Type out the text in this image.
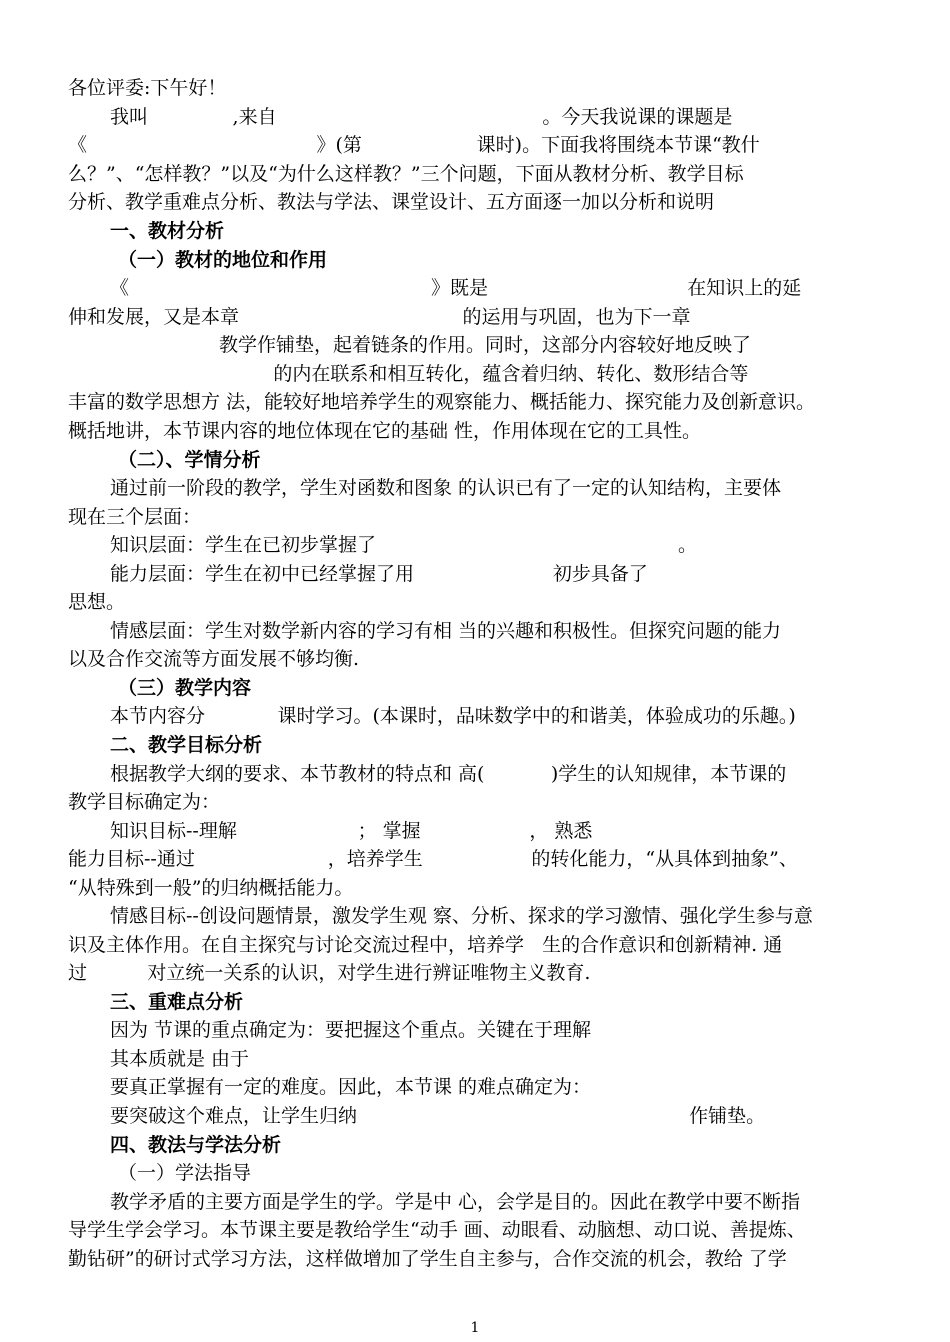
各位评委:下午好！
我叫              ,来自                                            。今天我说课的课题是
《                                      》(第                   课时)。下面我将围绕本节课“教什
么？”、“怎样教？”以及“为什么这样教？”三个问题，下面从教材分析、教学目标
分析、教学重难点分析、教法与学法、课堂设计、五方面逐一加以分析和说明
一、教材分析
（一）教材的地位和作用
《                                                  》既是                                 在知识上的延
伸和发展，又是本章                                     的运用与巩固，也为下一章
教学作铺垫，起着链条的作用。同时，这部分内容较好地反映了
的内在联系和相互转化，蕴含着归纳、转化、数形结合等
丰富的数学思想方 法，能较好地培养学生的观察能力、概括能力、探究能力及创新意识。
概括地讲，本节课内容的地位体现在它的基础 性，作用体现在它的工具性。
（二）、学情分析
通过前一阶段的教学，学生对函数和图象 的认识已有了一定的认知结构，主要体
现在三个层面：
知识层面：学生在已初步掌握了                                                  。
能力层面：学生在初中已经掌握了用                       初步具备了
思想。
情感层面：学生对数学新内容的学习有相 当的兴趣和积极性。但探究问题的能力
以及合作交流等方面发展不够均衡.
（三）教学内容
本节内容分            课时学习。(本课时，品味数学中的和谐美，体验成功的乐趣。)
二、教学目标分析
根据教学大纲的要求、本节教材的特点和 高(           )学生的认知规律，本节课的
教学目标确定为：
知识目标--理解                    ； 掌握                  ， 熟悉
能力目标--通过                      ，培养学生                  的转化能力，“从具体到抽象”、
“从特殊到一般”的归纳概括能力。
情感目标--创设问题情景，激发学生观 察、分析、探求的学习激情、强化学生参与意
识及主体作用。在自主探究与讨论交流过程中，培养学   生的合作意识和创新精神. 通
过          对立统一关系的认识，对学生进行辨证唯物主义教育.
三、重难点分析
因为 节课的重点确定为：要把握这个重点。关键在于理解
其本质就是 由于
要真正掌握有一定的难度。因此，本节课 的难点确定为：
要突破这个难点，让学生归纳                                                       作铺垫。
四、教法与学法分析
（一）学法指导
教学矛盾的主要方面是学生的学。学是中 心，会学是目的。因此在教学中要不断指
导学生学会学习。本节课主要是教给学生“动手 画、动眼看、动脑想、动口说、善提炼、
勤钻研”的研讨式学习方法，这样做增加了学生自主参与，合作交流的机会，教给 了学
1
